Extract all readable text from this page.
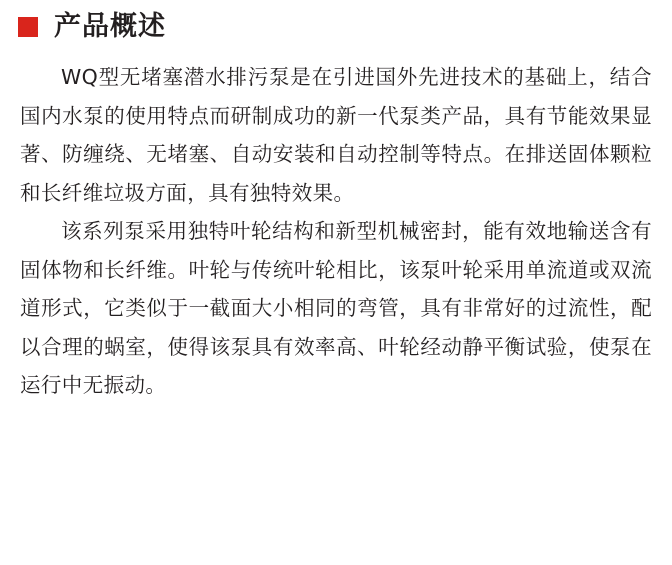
产品概述

WQ型无堵塞潜水排污泵是在引进国外先进技术的基础上，结合国内水泵的使用特点而研制成功的新一代泵类产品，具有节能效果显著、防缠绕、无堵塞、自动安装和自动控制等特点。在排送固体颗粒和长纤维垃圾方面，具有独特效果。

该系列泵采用独特叶轮结构和新型机械密封，能有效地输送含有固体物和长纤维。叶轮与传统叶轮相比，该泵叶轮采用单流道或双流道形式，它类似于一截面大小相同的弯管，具有非常好的过流性，配以合理的蜗室，使得该泵具有效率高、叶轮经动静平衡试验，使泵在运行中无振动。
